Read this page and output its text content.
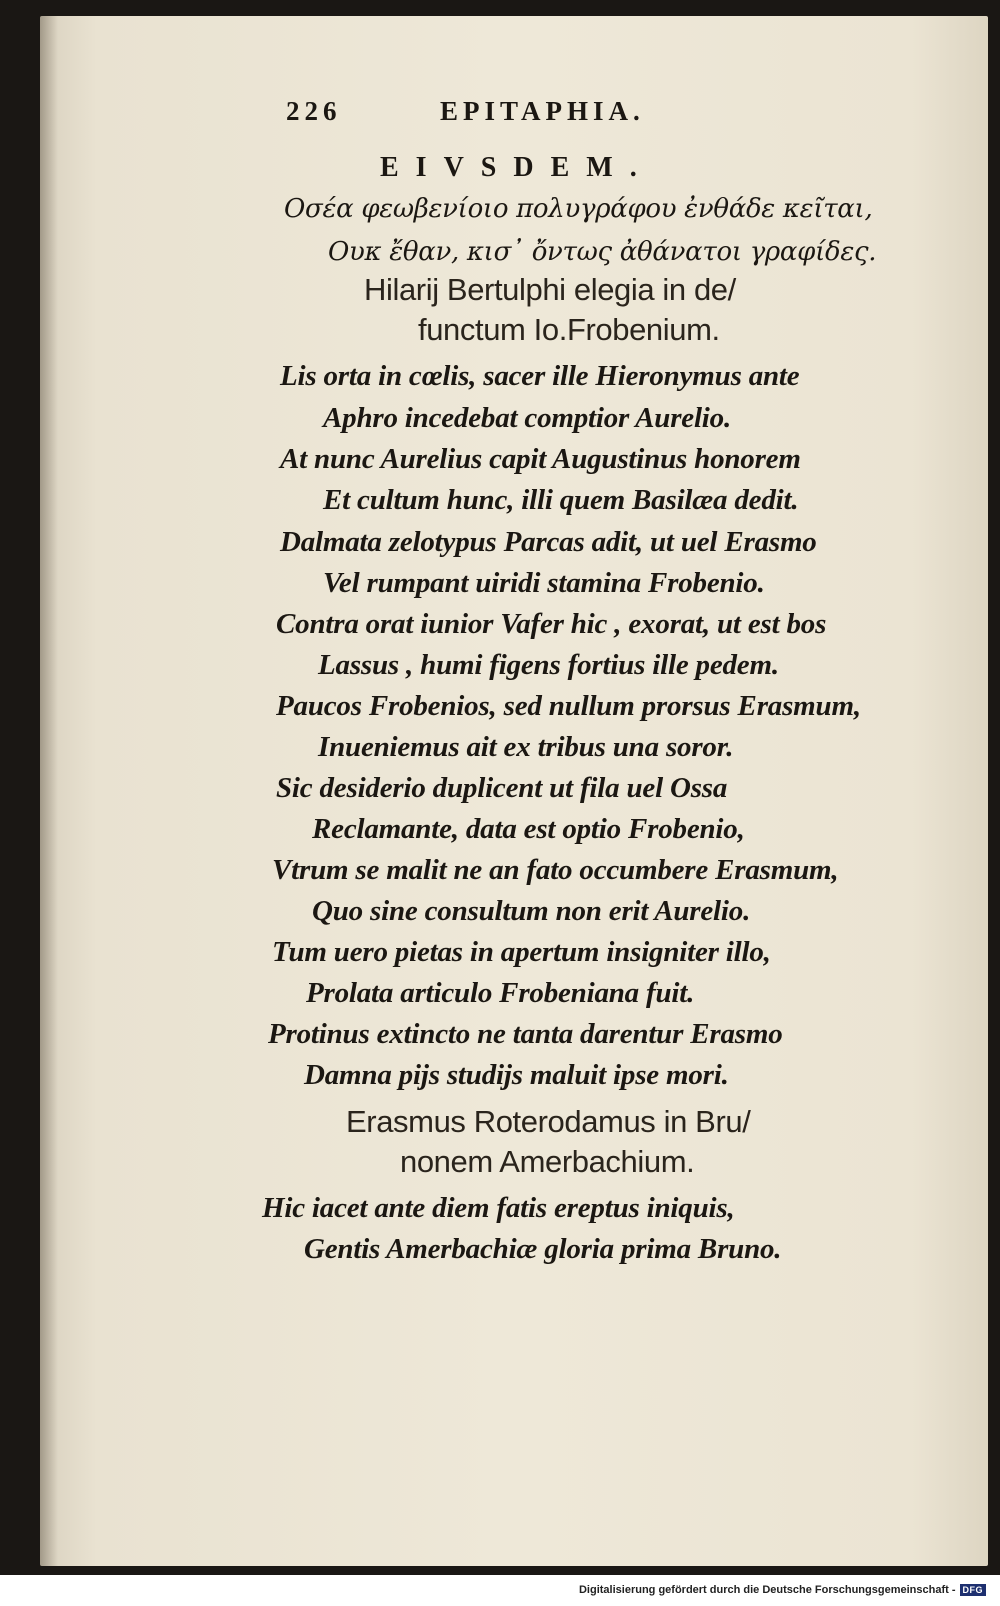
226	EPITAPHIA.
EIVSDEM.
Οσέα φεωβενίοιο πολυγράφου ἐνθάδε κεῖται,
Ουκ ἔθαν, κισ᾽ ὄντως ἀθάνατοι γραφίδες.
Hilarij Bertulphi elegia in de/
functum Io.Frobenium.
Lis orta in cœlis, sacer ille Hieronymus ante
Aphro incedebat comptior Aurelio.
At nunc Aurelius capit Augustinus honorem
Et cultum hunc, illi quem Basilæa dedit.
Dalmata zelotypus Parcas adit, ut uel Erasmo
Vel rumpant uiridi stamina Frobenio.
Contra orat iunior Vafer hic , exorat, ut est bos
Lassus , humi figens fortius ille pedem.
Paucos Frobenios, sed nullum prorsus Erasmum,
Inueniemus ait ex tribus una soror.
Sic desiderio duplicent ut fila uel Ossa
Reclamante, data est optio Frobenio,
Vtrum se malit ne an fato occumbere Erasmum,
Quo sine consultum non erit Aurelio.
Tum uero pietas in apertum insigniter illo,
Prolata articulo Frobeniana fuit.
Protinus extincto ne tanta darentur Erasmo
Damna pijs studijs maluit ipse mori.
Erasmus Roterodamus in Bru/
nonem Amerbachium.
Hic iacet ante diem fatis ereptus iniquis,
Gentis Amerbachiæ gloria prima Bruno.
Digitalisierung gefördert durch die Deutsche Forschungsgemeinschaft - DFG
